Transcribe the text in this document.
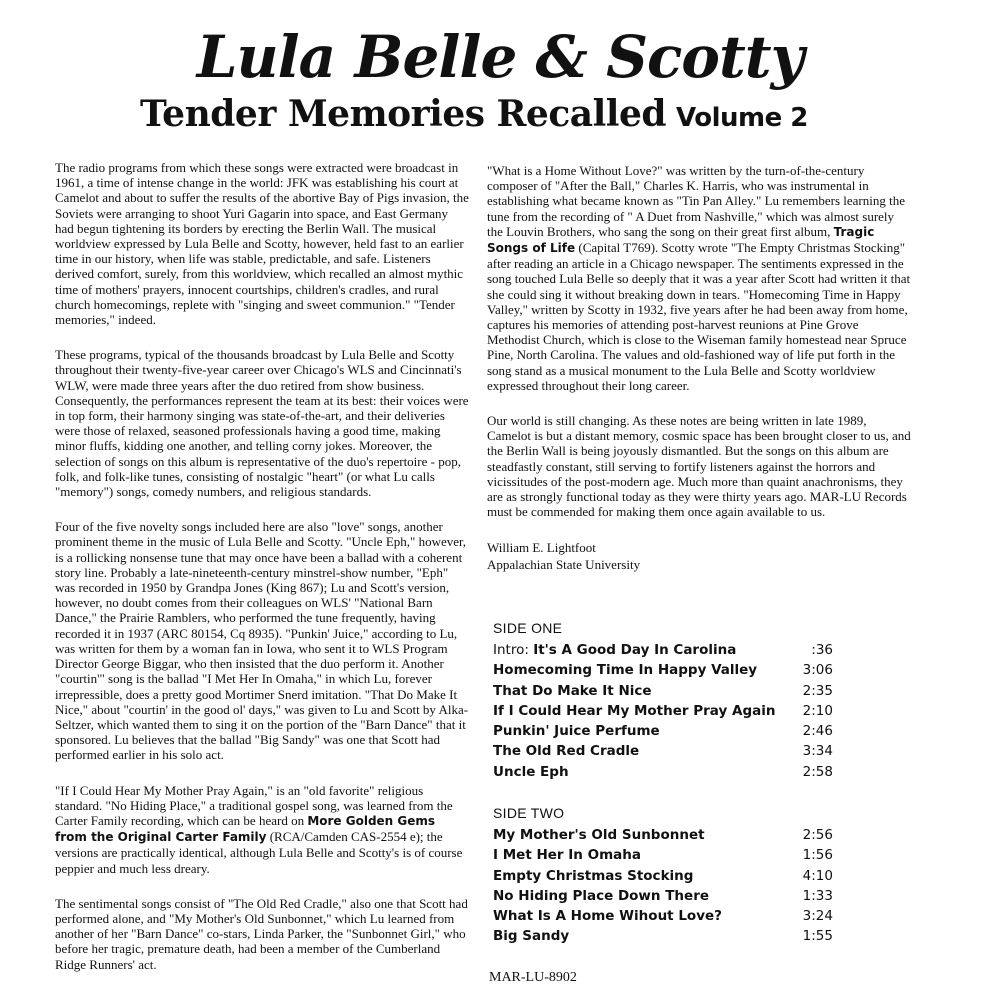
Lula Belle & Scotty
Tender Memories Recalled Volume 2

The radio programs from which these songs were extracted were broadcast in 1961, a time of intense change in the world: JFK was establishing his court at Camelot and about to suffer the results of the abortive Bay of Pigs invasion, the Soviets were arranging to shoot Yuri Gagarin into space, and East Germany had begun tightening its borders by erecting the Berlin Wall. The musical worldview expressed by Lula Belle and Scotty, however, held fast to an earlier time in our history, when life was stable, predictable, and safe. Listeners derived comfort, surely, from this worldview, which recalled an almost mythic time of mothers' prayers, innocent courtships, children's cradles, and rural church homecomings, replete with "singing and sweet communion." "Tender memories," indeed.

These programs, typical of the thousands broadcast by Lula Belle and Scotty throughout their twenty-five-year career over Chicago's WLS and Cincinnati's WLW, were made three years after the duo retired from show business. Consequently, the performances represent the team at its best: their voices were in top form, their harmony singing was state-of-the-art, and their deliveries were those of relaxed, seasoned professionals having a good time, making minor fluffs, kidding one another, and telling corny jokes. Moreover, the selection of songs on this album is representative of the duo's repertoire - pop, folk, and folk-like tunes, consisting of nostalgic "heart" (or what Lu calls "memory") songs, comedy numbers, and religious standards.

Four of the five novelty songs included here are also "love" songs, another prominent theme in the music of Lula Belle and Scotty. "Uncle Eph," however, is a rollicking nonsense tune that may once have been a ballad with a coherent story line. Probably a late-nineteenth-century minstrel-show number, "Eph" was recorded in 1950 by Grandpa Jones (King 867); Lu and Scott's version, however, no doubt comes from their colleagues on WLS' "National Barn Dance," the Prairie Ramblers, who performed the tune frequently, having recorded it in 1937 (ARC 80154, Cq 8935). "Punkin' Juice," according to Lu, was written for them by a woman fan in Iowa, who sent it to WLS Program Director George Biggar, who then insisted that the duo perform it. Another "courtin'" song is the ballad "I Met Her In Omaha," in which Lu, forever irrepressible, does a pretty good Mortimer Snerd imitation. "That Do Make It Nice," about "courtin' in the good ol' days," was given to Lu and Scott by Alka-Seltzer, which wanted them to sing it on the portion of the "Barn Dance" that it sponsored. Lu believes that the ballad "Big Sandy" was one that Scott had performed earlier in his solo act.

"If I Could Hear My Mother Pray Again," is an "old favorite" religious standard. "No Hiding Place," a traditional gospel song, was learned from the Carter Family recording, which can be heard on More Golden Gems from the Original Carter Family (RCA/Camden CAS-2554 e); the versions are practically identical, although Lula Belle and Scotty's is of course peppier and much less dreary.

The sentimental songs consist of "The Old Red Cradle," also one that Scott had performed alone, and "My Mother's Old Sunbonnet," which Lu learned from another of her "Barn Dance" co-stars, Linda Parker, the "Sunbonnet Girl," who before her tragic, premature death, had been a member of the Cumberland Ridge Runners' act.

"What is a Home Without Love?" was written by the turn-of-the-century composer of "After the Ball," Charles K. Harris, who was instrumental in establishing what became known as "Tin Pan Alley." Lu remembers learning the tune from the recording of " A Duet from Nashville," which was almost surely the Louvin Brothers, who sang the song on their great first album, Tragic Songs of Life (Capital T769). Scotty wrote "The Empty Christmas Stocking" after reading an article in a Chicago newspaper. The sentiments expressed in the song touched Lula Belle so deeply that it was a year after Scott had written it that she could sing it without breaking down in tears. "Homecoming Time in Happy Valley," written by Scotty in 1932, five years after he had been away from home, captures his memories of attending post-harvest reunions at Pine Grove Methodist Church, which is close to the Wiseman family homestead near Spruce Pine, North Carolina. The values and old-fashioned way of life put forth in the song stand as a musical monument to the Lula Belle and Scotty worldview expressed throughout their long career.

Our world is still changing. As these notes are being written in late 1989, Camelot is but a distant memory, cosmic space has been brought closer to us, and the Berlin Wall is being joyously dismantled. But the songs on this album are steadfastly constant, still serving to fortify listeners against the horrors and vicissitudes of the post-modern age. Much more than quaint anachronisms, they are as strongly functional today as they were thirty years ago. MAR-LU Records must be commended for making them once again available to us.

William E. Lightfoot
Appalachian State University
SIDE ONE
Intro: It's A Good Day In Carolina	:36
Homecoming Time In Happy Valley	3:06
That Do Make It Nice	2:35
If I Could Hear My Mother Pray Again 2:10
Punkin' Juice Perfume	2:46
The Old Red Cradle	3:34
Uncle Eph	2:58
SIDE TWO
My Mother's Old Sunbonnet	2:56
I Met Her In Omaha	1:56
Empty Christmas Stocking	4:10
No Hiding Place Down There	1:33
What Is A Home Wihout Love?	3:24
Big Sandy	1:55
MAR-LU-8902
